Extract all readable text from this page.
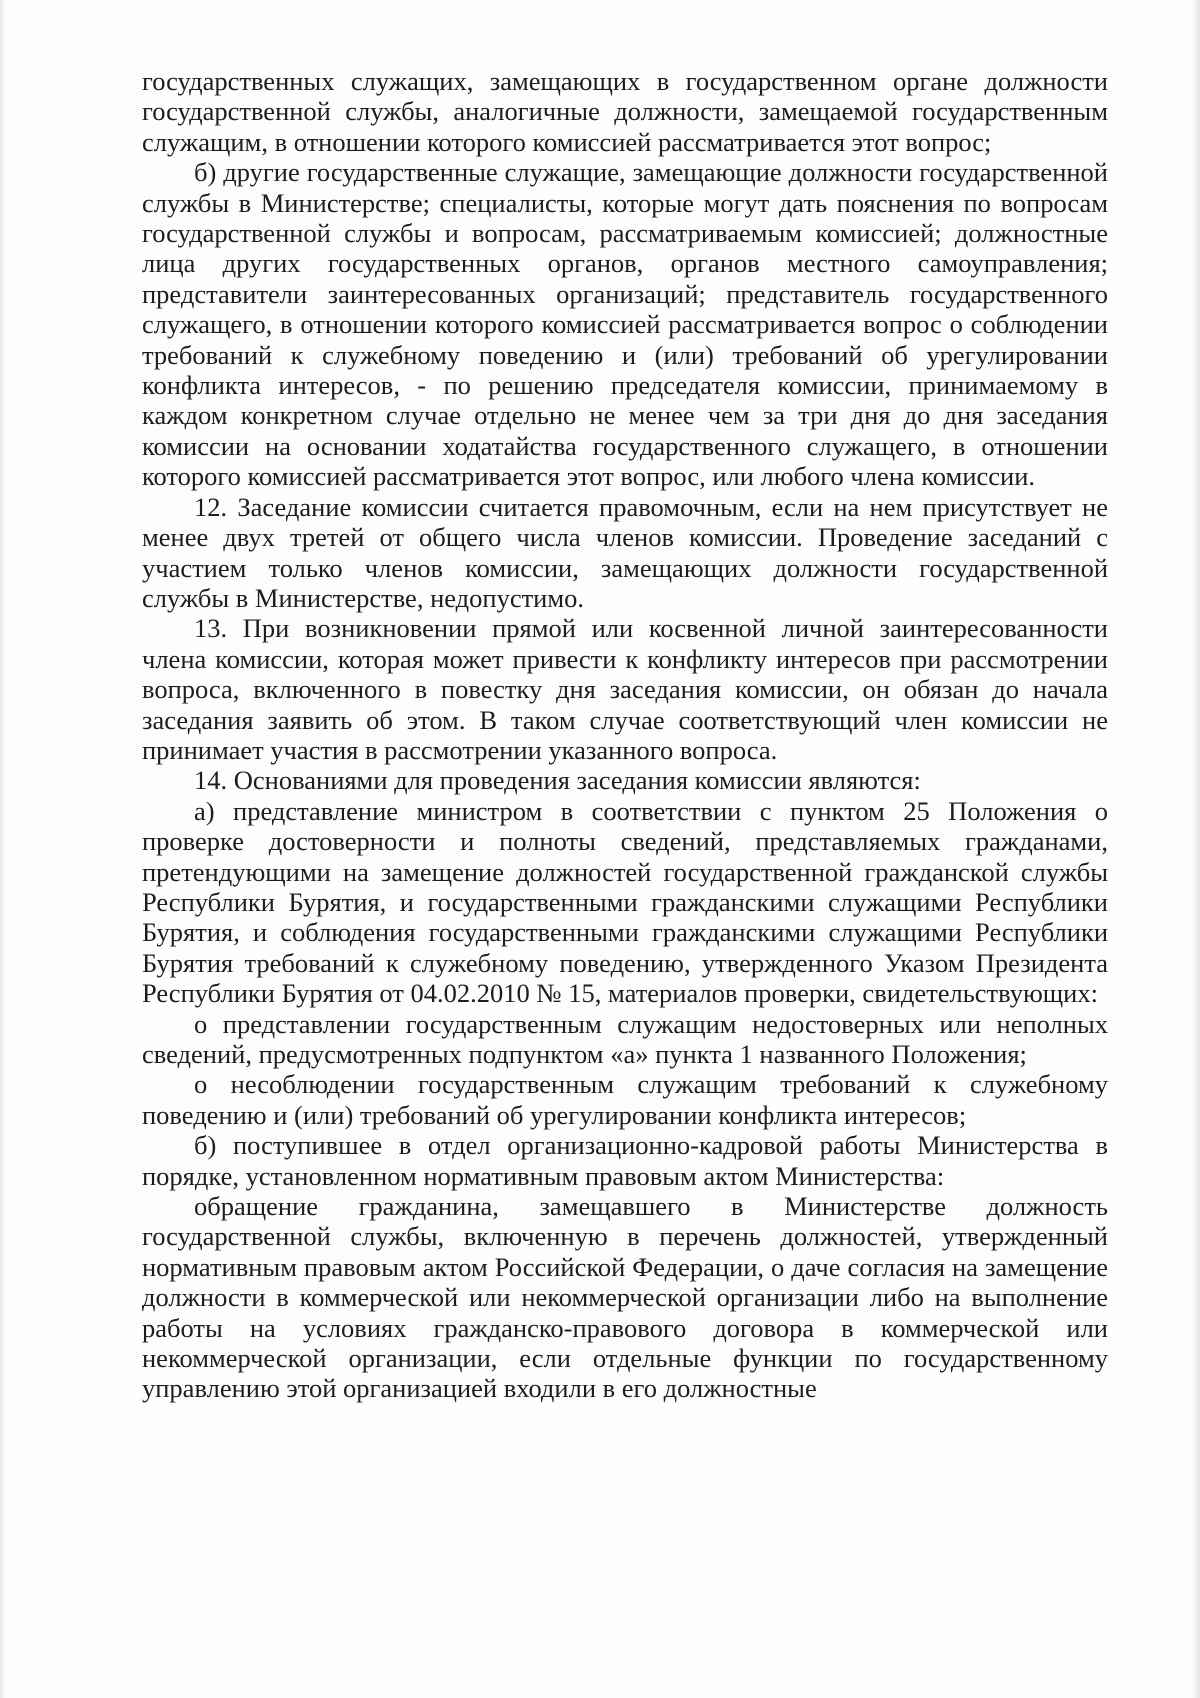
государственных служащих, замещающих в государственном органе должности государственной службы, аналогичные должности, замещаемой государственным служащим, в отношении которого комиссией рассматривается этот вопрос;

б) другие государственные служащие, замещающие должности государственной службы в Министерстве; специалисты, которые могут дать пояснения по вопросам государственной службы и вопросам, рассматриваемым комиссией; должностные лица других государственных органов, органов местного самоуправления; представители заинтересованных организаций; представитель государственного служащего, в отношении которого комиссией рассматривается вопрос о соблюдении требований к служебному поведению и (или) требований об урегулировании конфликта интересов, - по решению председателя комиссии, принимаемому в каждом конкретном случае отдельно не менее чем за три дня до дня заседания комиссии на основании ходатайства государственного служащего, в отношении которого комиссией рассматривается этот вопрос, или любого члена комиссии.

12. Заседание комиссии считается правомочным, если на нем присутствует не менее двух третей от общего числа членов комиссии. Проведение заседаний с участием только членов комиссии, замещающих должности государственной службы в Министерстве, недопустимо.

13. При возникновении прямой или косвенной личной заинтересованности члена комиссии, которая может привести к конфликту интересов при рассмотрении вопроса, включенного в повестку дня заседания комиссии, он обязан до начала заседания заявить об этом. В таком случае соответствующий член комиссии не принимает участия в рассмотрении указанного вопроса.

14. Основаниями для проведения заседания комиссии являются:

а) представление министром в соответствии с пунктом 25 Положения о проверке достоверности и полноты сведений, представляемых гражданами, претендующими на замещение должностей государственной гражданской службы Республики Бурятия, и государственными гражданскими служащими Республики Бурятия, и соблюдения государственными гражданскими служащими Республики Бурятия требований к служебному поведению, утвержденного Указом Президента Республики Бурятия от 04.02.2010 № 15, материалов проверки, свидетельствующих:

о представлении государственным служащим недостоверных или неполных сведений, предусмотренных подпунктом «а» пункта 1 названного Положения;

о несоблюдении государственным служащим требований к служебному поведению и (или) требований об урегулировании конфликта интересов;

б) поступившее в отдел организационно-кадровой работы Министерства в порядке, установленном нормативным правовым актом Министерства:

обращение гражданина, замещавшего в Министерстве должность государственной службы, включенную в перечень должностей, утвержденный нормативным правовым актом Российской Федерации, о даче согласия на замещение должности в коммерческой или некоммерческой организации либо на выполнение работы на условиях гражданско-правового договора в коммерческой или некоммерческой организации, если отдельные функции по государственному управлению этой организацией входили в его должностные
